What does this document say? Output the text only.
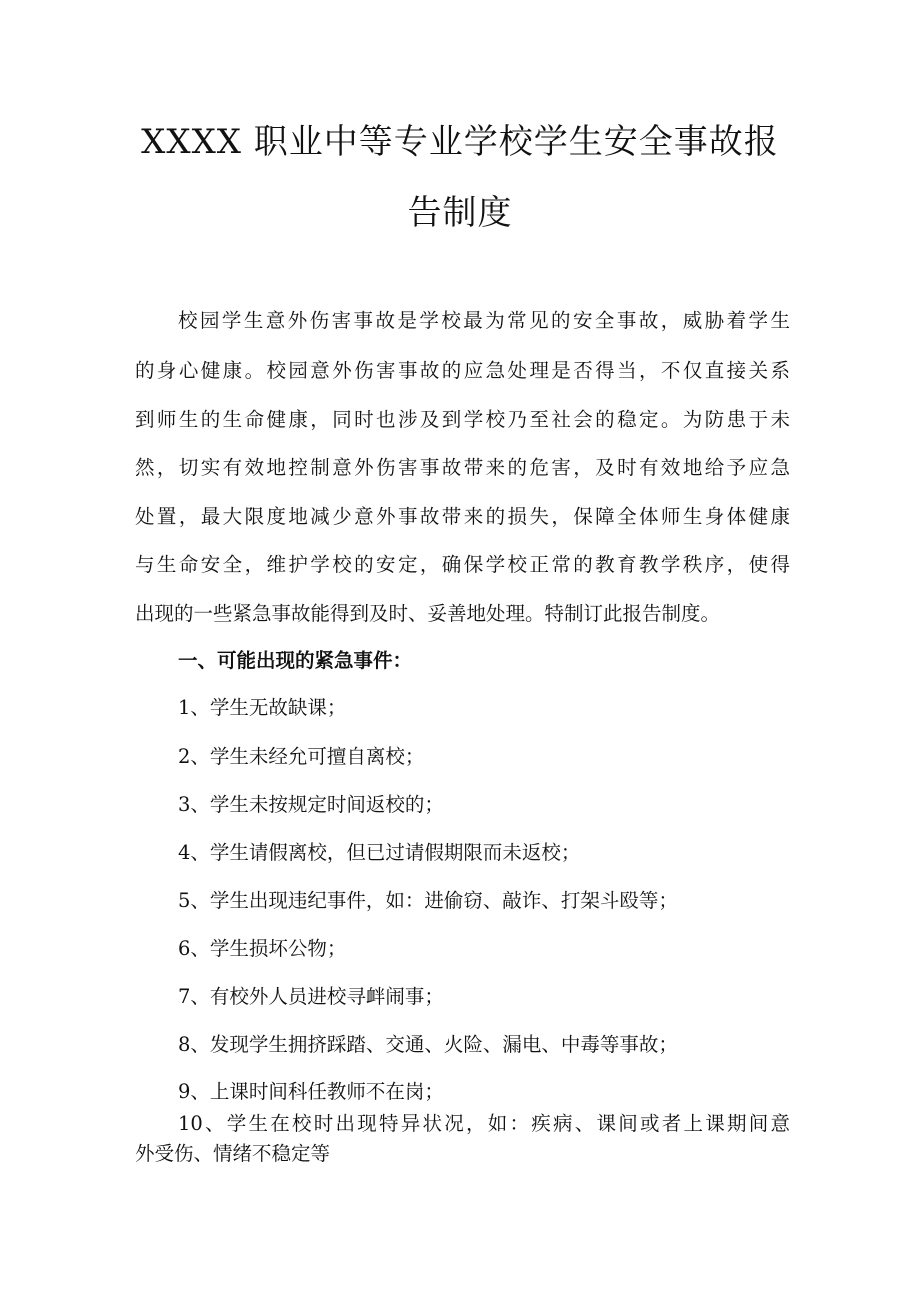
XXXX 职业中等专业学校学生安全事故报
告制度
校园学生意外伤害事故是学校最为常见的安全事故，威胁着学生
的身心健康。校园意外伤害事故的应急处理是否得当，不仅直接关系
到师生的生命健康，同时也涉及到学校乃至社会的稳定。为防患于未
然，切实有效地控制意外伤害事故带来的危害，及时有效地给予应急
处置，最大限度地减少意外事故带来的损失，保障全体师生身体健康
与生命安全，维护学校的安定，确保学校正常的教育教学秩序，使得
出现的一些紧急事故能得到及时、妥善地处理。特制订此报告制度。
一、可能出现的紧急事件：
1、学生无故缺课；
2、学生未经允可擅自离校；
3、学生未按规定时间返校的；
4、学生请假离校，但已过请假期限而未返校；
5、学生出现违纪事件，如：进偷窃、敲诈、打架斗殴等；
6、学生损坏公物；
7、有校外人员进校寻衅闹事；
8、发现学生拥挤踩踏、交通、火险、漏电、中毒等事故；
9、上课时间科任教师不在岗；
10、学生在校时出现特异状况，如：疾病、课间或者上课期间意
外受伤、情绪不稳定等
